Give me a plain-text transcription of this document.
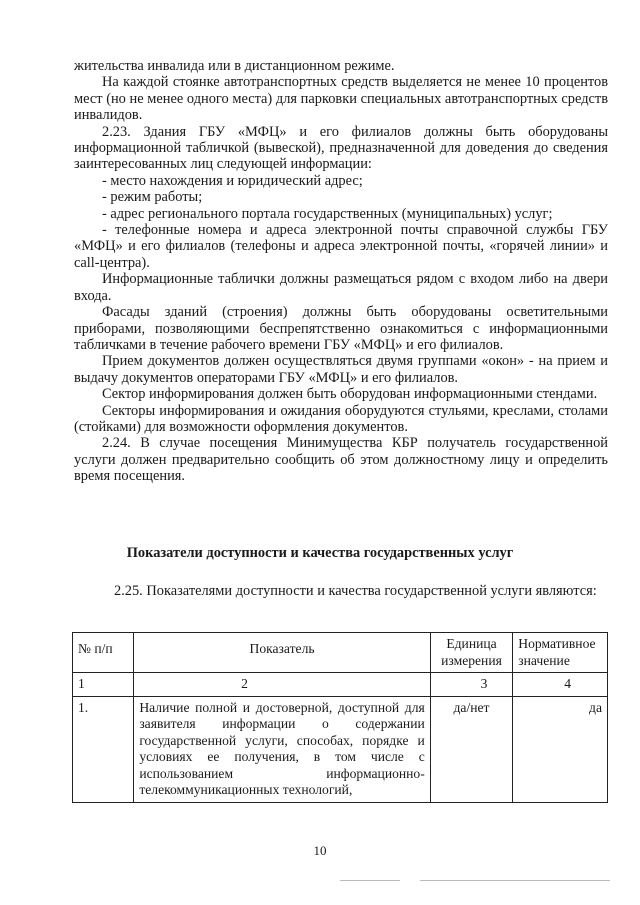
жительства инвалида или в дистанционном режиме.

На каждой стоянке автотранспортных средств выделяется не менее 10 процентов мест (но не менее одного места) для парковки специальных автотранспортных средств инвалидов.

2.23. Здания ГБУ «МФЦ» и его филиалов должны быть оборудованы информационной табличкой (вывеской), предназначенной для доведения до сведения заинтересованных лиц следующей информации:

- место нахождения и юридический адрес;

- режим работы;

- адрес регионального портала государственных (муниципальных) услуг;

- телефонные номера и адреса электронной почты справочной службы ГБУ «МФЦ» и его филиалов (телефоны и адреса электронной почты, «горячей линии» и call-центра).

Информационные таблички должны размещаться рядом с входом либо на двери входа.

Фасады зданий (строения) должны быть оборудованы осветительными приборами, позволяющими беспрепятственно ознакомиться с информационными табличками в течение рабочего времени ГБУ «МФЦ» и его филиалов.

Прием документов должен осуществляться двумя группами «окон» - на прием и выдачу документов операторами ГБУ «МФЦ» и его филиалов.

Сектор информирования должен быть оборудован информационными стендами.

Секторы информирования и ожидания оборудуются стульями, креслами, столами (стойками) для возможности оформления документов.

2.24. В случае посещения Минимущества КБР получатель государственной услуги должен предварительно сообщить об этом должностному лицу и определить время посещения.

Показатели доступности и качества государственных услуг
2.25. Показателями доступности и качества государственной услуги являются:
№ п/п	Показатель	Единица измерения	Нормативное значение
1	2	3	4
1.	Наличие полной и достоверной, доступной для заявителя информации о содержании государственной услуги, способах, порядке и условиях ее получения, в том числе с использованием информационно-телекоммуникационных технологий,	да/нет	да
10
